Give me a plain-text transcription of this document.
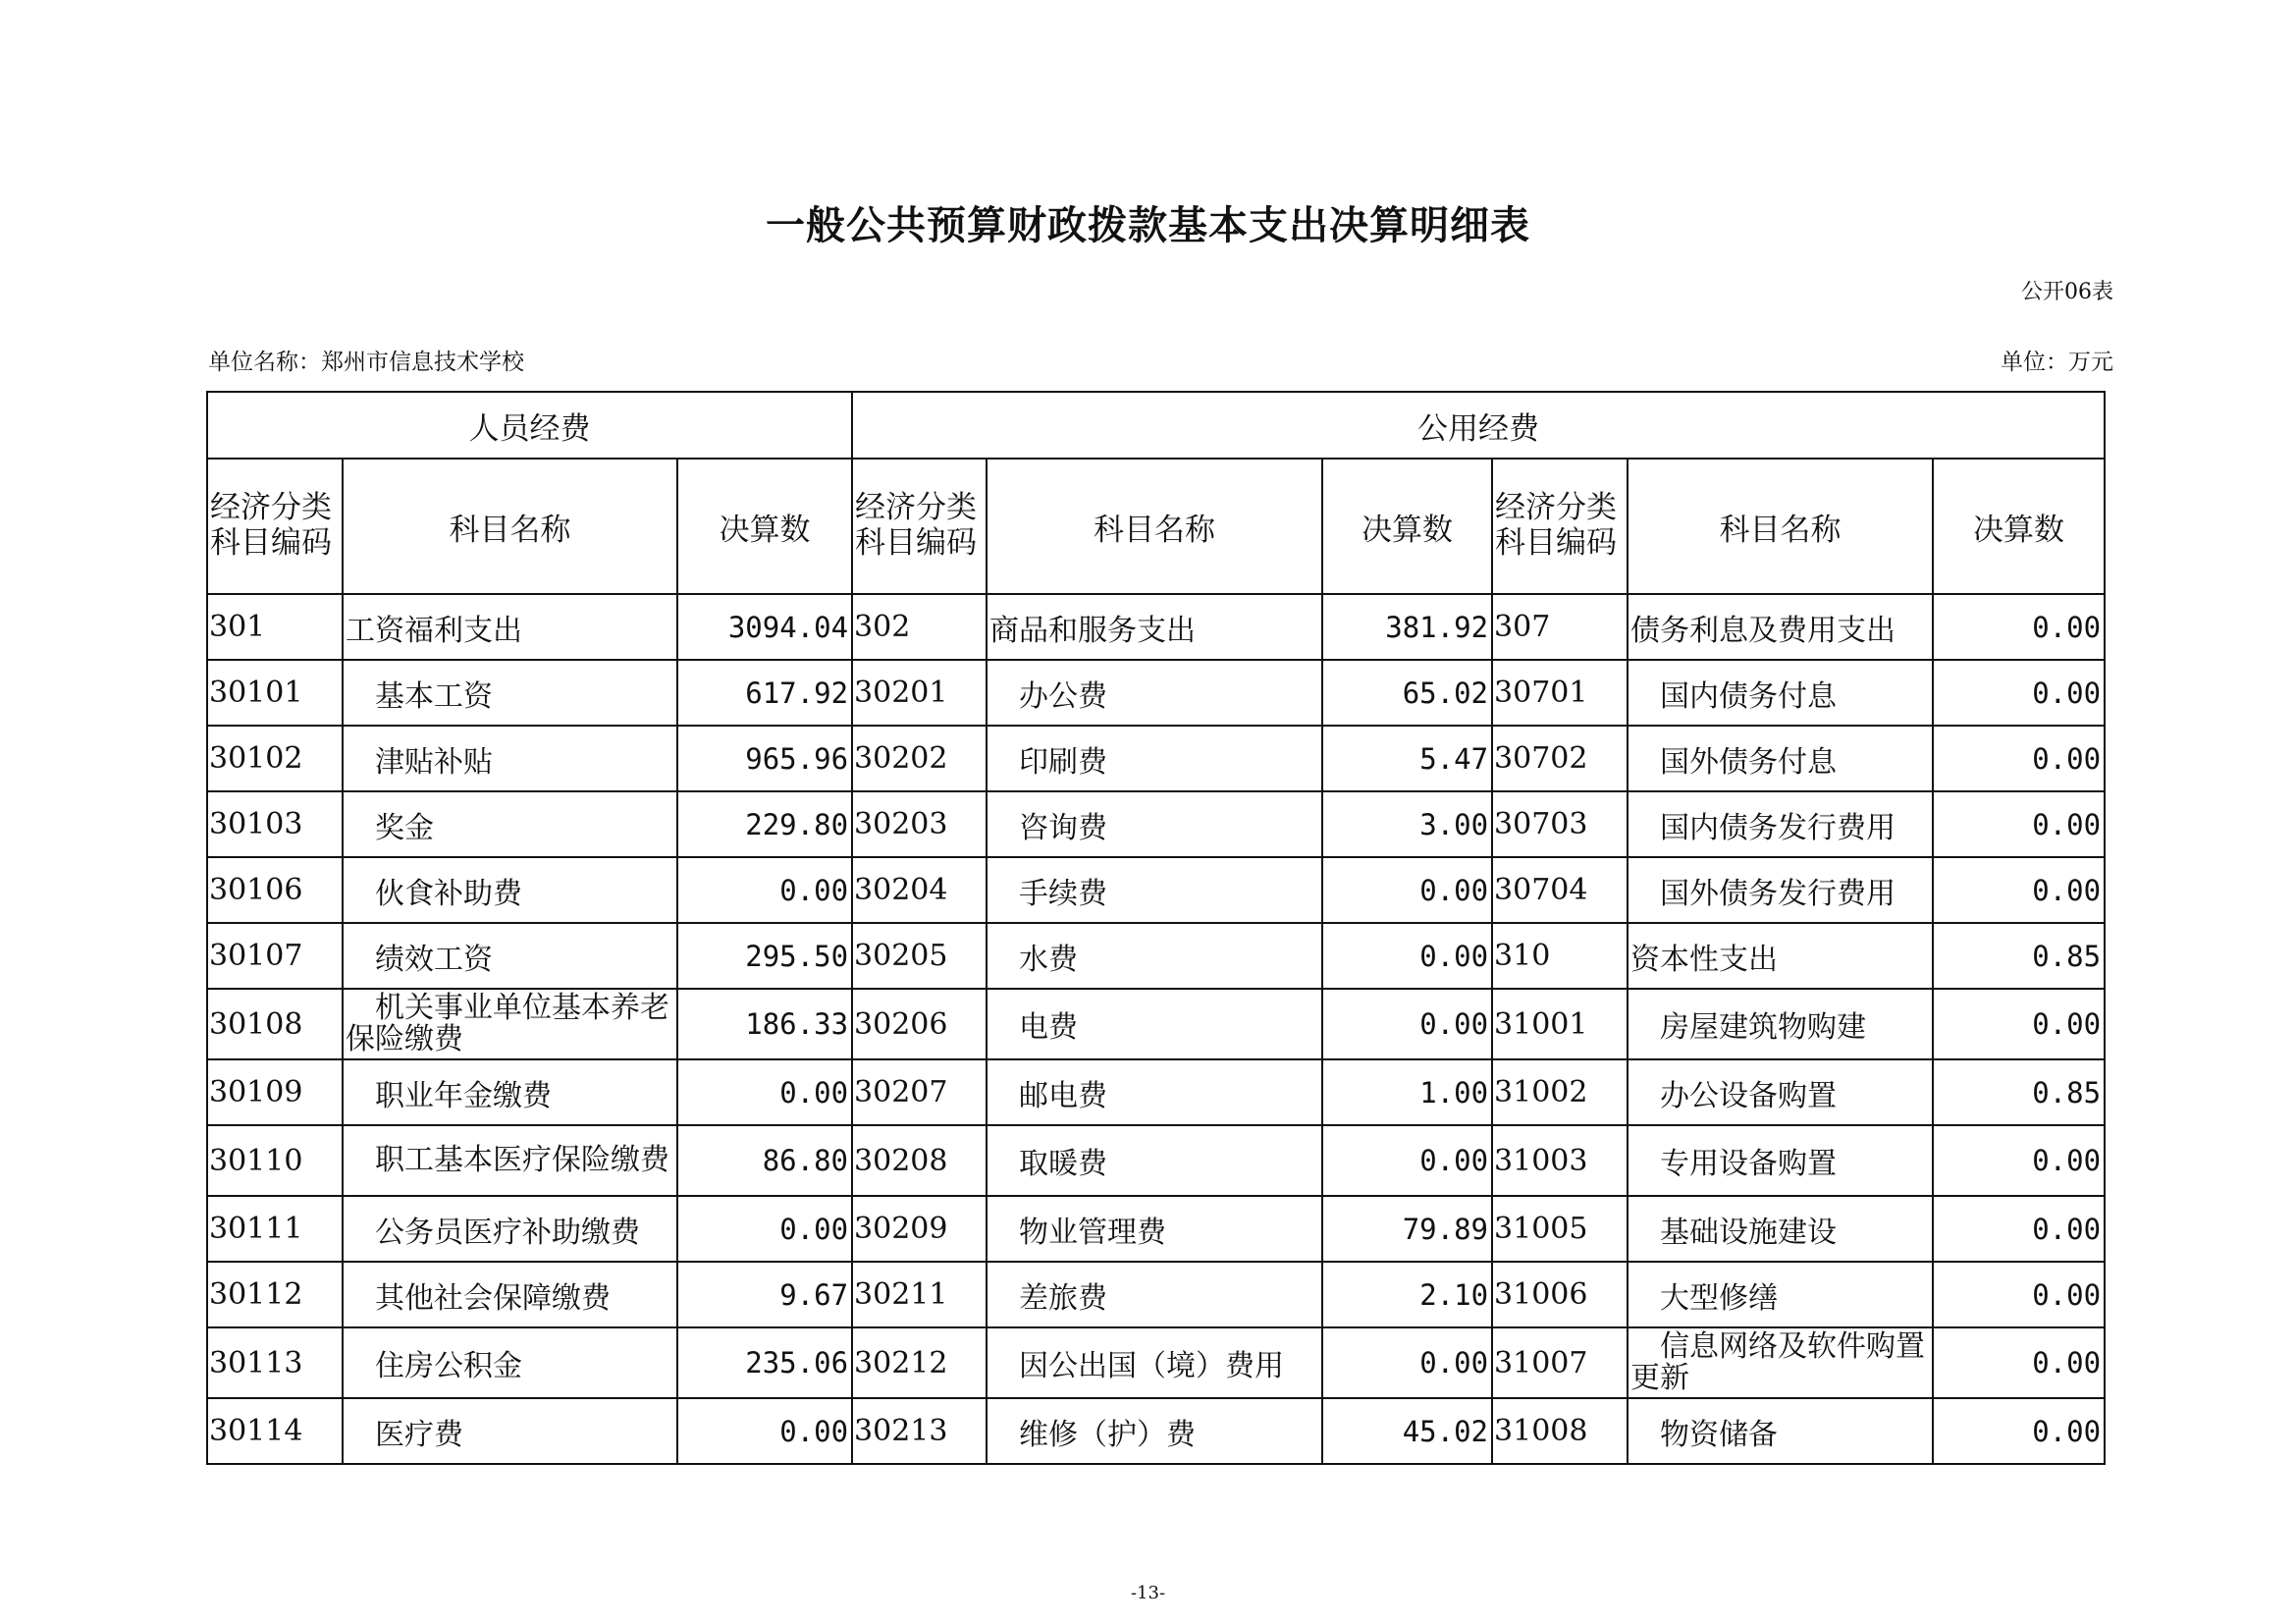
一般公共预算财政拨款基本支出决算明细表
公开06表
单位名称：郑州市信息技术学校	单位：万元
人员经费			公用经费					
经济分类科目编码	科目名称	决算数	经济分类科目编码	科目名称	决算数	经济分类科目编码	科目名称	决算数
301	工资福利支出	3094.04	302	商品和服务支出	381.92	307	债务利息及费用支出	0.00
30101	基本工资	617.92	30201	办公费	65.02	30701	国内债务付息	0.00
30102	津贴补贴	965.96	30202	印刷费	5.47	30702	国外债务付息	0.00
30103	奖金	229.80	30203	咨询费	3.00	30703	国内债务发行费用	0.00
30106	伙食补助费	0.00	30204	手续费	0.00	30704	国外债务发行费用	0.00
30107	绩效工资	295.50	30205	水费	0.00	310	资本性支出	0.85
30108	机关事业单位基本养老保险缴费	186.33	30206	电费	0.00	31001	房屋建筑物购建	0.00
30109	职业年金缴费	0.00	30207	邮电费	1.00	31002	办公设备购置	0.85
30110	职工基本医疗保险缴费	86.80	30208	取暖费	0.00	31003	专用设备购置	0.00
30111	公务员医疗补助缴费	0.00	30209	物业管理费	79.89	31005	基础设施建设	0.00
30112	其他社会保障缴费	9.67	30211	差旅费	2.10	31006	大型修缮	0.00
30113	住房公积金	235.06	30212	因公出国（境）费用	0.00	31007	信息网络及软件购置更新	0.00
30114	医疗费	0.00	30213	维修（护）费	45.02	31008	物资储备	0.00
-13-
